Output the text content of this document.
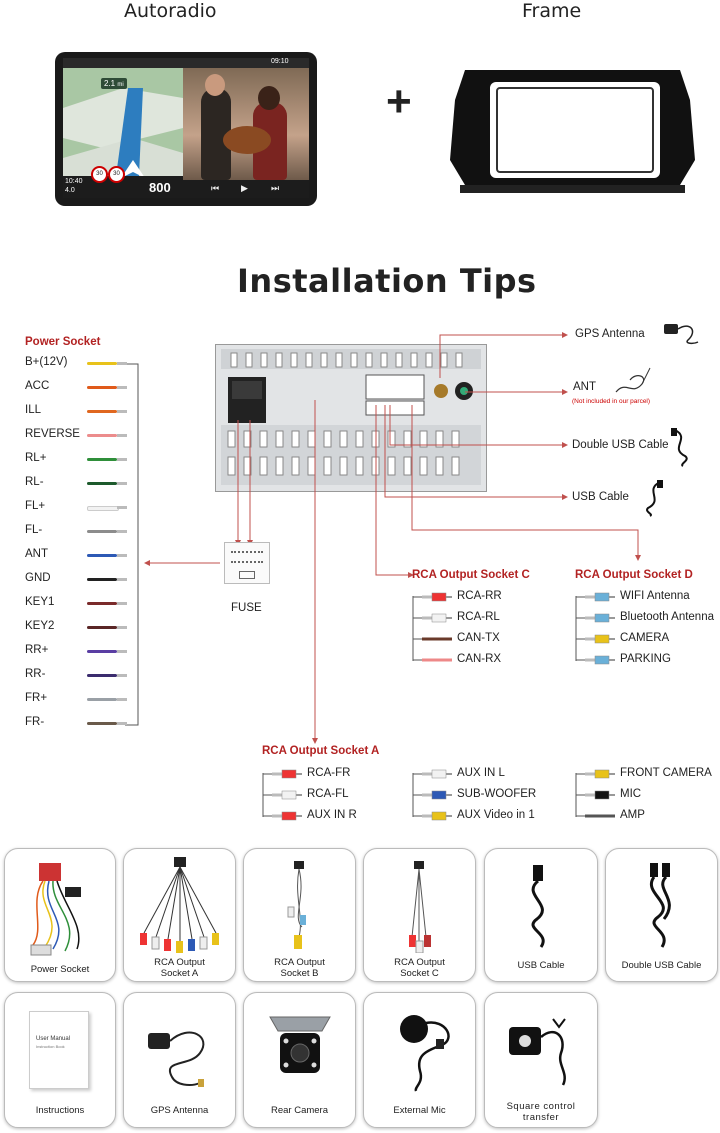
Autoradio	Frame
+
09:10
2.1 mi
10:40
4.0
30	30
800	⏮ ▶	⏭
Installation Tips
Power Socket
B+(12V)
ACC
ILL
REVERSE
RL+
RL-
FL+
FL-
ANT
GND
KEY1
KEY2
RR+
RR-
FR+
FR-
FUSE
GPS Antenna
ANT
(Not included in our parcel)
Double USB Cable
USB Cable
RCA Output Socket C
RCA-RR
RCA-RL
CAN-TX
CAN-RX
RCA Output Socket D
WIFI Antenna
Bluetooth Antenna
CAMERA
PARKING
RCA Output Socket A
RCA-FR
RCA-FL
AUX IN R
AUX IN L
SUB-WOOFER
AUX Video in 1
FRONT CAMERA
MIC
AMP
Power Socket
RCA Output
Socket A
RCA Output
Socket B
RCA Output
Socket C
USB Cable	Double USB Cable
User Manual
Instruction Book
Instructions	GPS Antenna	Rear Camera	External Mic	Square control
transfer
